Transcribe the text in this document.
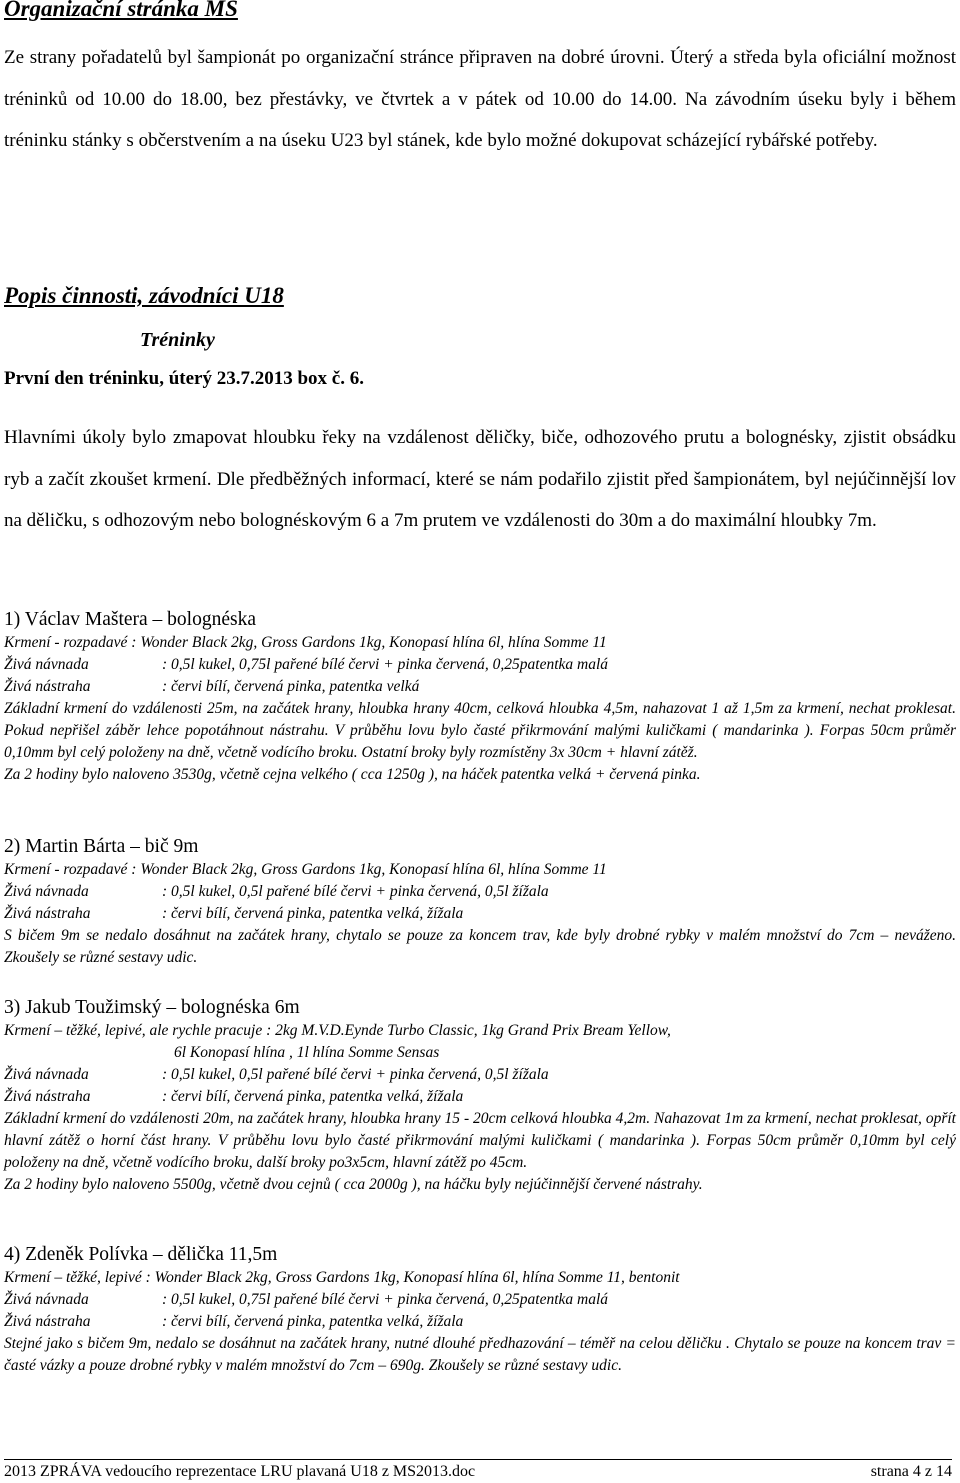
Organizační stránka MS
Ze strany pořadatelů byl šampionát po organizační stránce připraven na dobré úrovni. Úterý a středa byla oficiální možnost tréninků od 10.00 do 18.00, bez přestávky, ve čtvrtek a v pátek od 10.00 do 14.00. Na závodním úseku byly i během tréninku stánky s občerstvením a na úseku U23 byl stánek, kde bylo možné dokupovat scházející rybářské potřeby.
Popis činnosti, závodníci U18
Tréninky
První den tréninku, úterý 23.7.2013 box č. 6.
Hlavními úkoly bylo zmapovat hloubku řeky na vzdálenost děličky, biče, odhozového prutu a bolognésky, zjistit obsádku ryb a začít zkoušet krmení. Dle předběžných informací, které se nám podařilo zjistit před šampionátem, byl nejúčinnější lov na děličku, s odhozovým nebo bolognéskovým 6 a 7m prutem ve vzdálenosti do 30m a do maximální hloubky 7m.
1) Václav Maštera – bolognéska
Krmení - rozpadavé : Wonder Black 2kg, Gross Gardons 1kg, Konopasí hlína 6l, hlína Somme 11
Živá návnada	: 0,5l kukel, 0,75l pařené bílé červi + pinka červená, 0,25patentka malá
Živá nástraha	: červi bílí, červená pinka, patentka velká
Základní krmení do vzdálenosti 25m, na začátek hrany, hloubka hrany 40cm, celková hloubka 4,5m, nahazovat 1 až 1,5m za krmení, nechat proklesat. Pokud nepřišel záběr lehce popotáhnout nástrahu. V průběhu lovu bylo časté přikrmování malými kuličkami ( mandarinka ). Forpas 50cm průměr 0,10mm byl celý položeny na dně, včetně vodícího broku. Ostatní broky byly rozmístěny 3x 30cm + hlavní zátěž.
Za 2 hodiny bylo naloveno 3530g, včetně cejna velkého ( cca 1250g ), na háček patentka velká + červená pinka.
2) Martin Bárta – bič 9m
Krmení - rozpadavé : Wonder Black 2kg, Gross Gardons 1kg, Konopasí hlína 6l, hlína Somme 11
Živá návnada	: 0,5l kukel, 0,5l pařené bílé červi + pinka červená, 0,5l žížala
Živá nástraha	: červi bílí, červená pinka, patentka velká, žížala
S bičem 9m se nedalo dosáhnut na začátek hrany, chytalo se pouze za koncem trav, kde byly drobné rybky v malém množství do 7cm – neváženo. Zkoušely se různé sestavy udic.
3) Jakub Toužimský – bolognéska 6m
Krmení – těžké, lepivé, ale rychle pracuje : 2kg M.V.D.Eynde Turbo Classic, 1kg Grand Prix Bream Yellow,
6l Konopasí hlína , 1l hlína Somme Sensas
Živá návnada	: 0,5l kukel, 0,5l pařené bílé červi + pinka červená, 0,5l žížala
Živá nástraha	: červi bílí, červená pinka, patentka velká, žížala
Základní krmení do vzdálenosti 20m, na začátek hrany, hloubka hrany 15 - 20cm celková hloubka 4,2m. Nahazovat 1m za krmení, nechat proklesat, opřít hlavní zátěž o horní část hrany. V průběhu lovu bylo časté přikrmování malými kuličkami ( mandarinka ). Forpas 50cm průměr 0,10mm byl celý položeny na dně, včetně vodícího broku, další broky po3x5cm, hlavní zátěž po 45cm.
Za 2 hodiny bylo naloveno 5500g, včetně dvou cejnů ( cca 2000g ), na háčku byly nejúčinnější červené nástrahy.
4) Zdeněk Polívka – dělička 11,5m
Krmení – těžké, lepivé : Wonder Black 2kg, Gross Gardons 1kg, Konopasí hlína 6l, hlína Somme 11, bentonit
Živá návnada	: 0,5l kukel, 0,75l pařené bílé červi + pinka červená, 0,25patentka malá
Živá nástraha	: červi bílí, červená pinka, patentka velká, žížala
Stejné jako s bičem 9m, nedalo se dosáhnut na začátek hrany, nutné dlouhé předhazování – téměř na celou děličku . Chytalo se pouze na koncem trav = časté vázky a pouze drobné rybky v malém množství do 7cm – 690g. Zkoušely se různé sestavy udic.
2013 ZPRÁVA vedoucího reprezentace LRU plavaná U18 z MS2013.doc	strana 4 z 14
